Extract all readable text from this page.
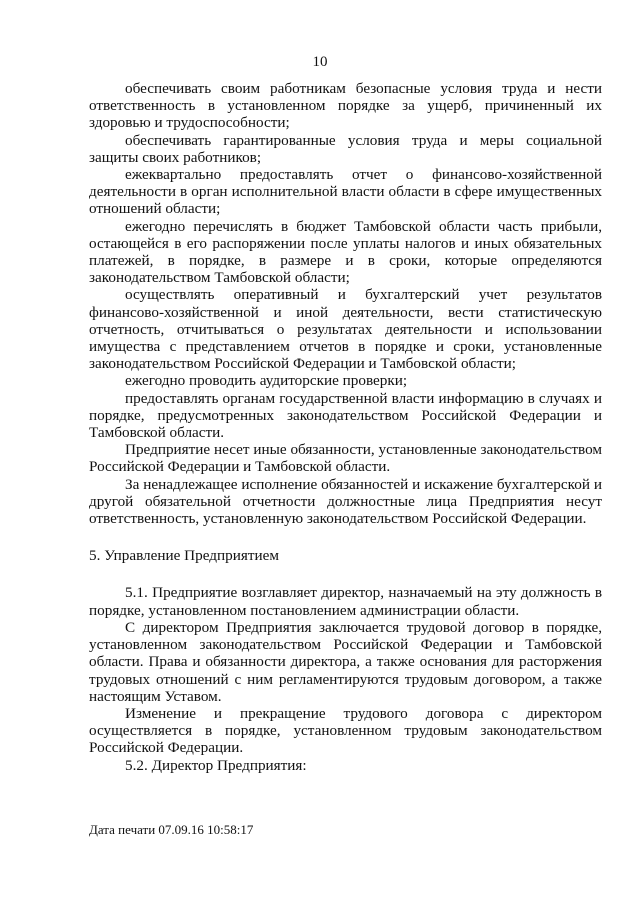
10

обеспечивать своим работникам безопасные условия труда и нести ответственность в установленном порядке за ущерб, причиненный их здоровью и трудоспособности;

обеспечивать гарантированные условия труда и меры социальной защиты своих работников;

ежеквартально предоставлять отчет о финансово-хозяйственной деятельности в орган исполнительной власти области в сфере имущественных отношений области;

ежегодно перечислять в бюджет Тамбовской области часть прибыли, остающейся в его распоряжении после уплаты налогов и иных обязательных платежей, в порядке, в размере и в сроки, которые определяются законодательством Тамбовской области;

осуществлять оперативный и бухгалтерский учет результатов финансово-хозяйственной и иной деятельности, вести статистическую отчетность, отчитываться о результатах деятельности и использовании имущества с представлением отчетов в порядке и сроки, установленные законодательством Российской Федерации и Тамбовской области;

ежегодно проводить аудиторские проверки;

предоставлять органам государственной власти информацию в случаях и порядке, предусмотренных законодательством Российской Федерации и Тамбовской области.

Предприятие несет иные обязанности, установленные законодательством Российской Федерации и Тамбовской области.

За ненадлежащее исполнение обязанностей и искажение бухгалтерской и другой обязательной отчетности должностные лица Предприятия несут ответственность, установленную законодательством Российской Федерации.

5. Управление Предприятием

5.1. Предприятие возглавляет директор, назначаемый на эту должность в порядке, установленном постановлением администрации области.

С директором Предприятия заключается трудовой договор в порядке, установленном законодательством Российской Федерации и Тамбовской области. Права и обязанности директора, а также основания для расторжения трудовых отношений с ним регламентируются трудовым договором, а также настоящим Уставом.

Изменение и прекращение трудового договора с директором осуществляется в порядке, установленном трудовым законодательством Российской Федерации.

5.2. Директор Предприятия:

Дата печати 07.09.16 10:58:17
